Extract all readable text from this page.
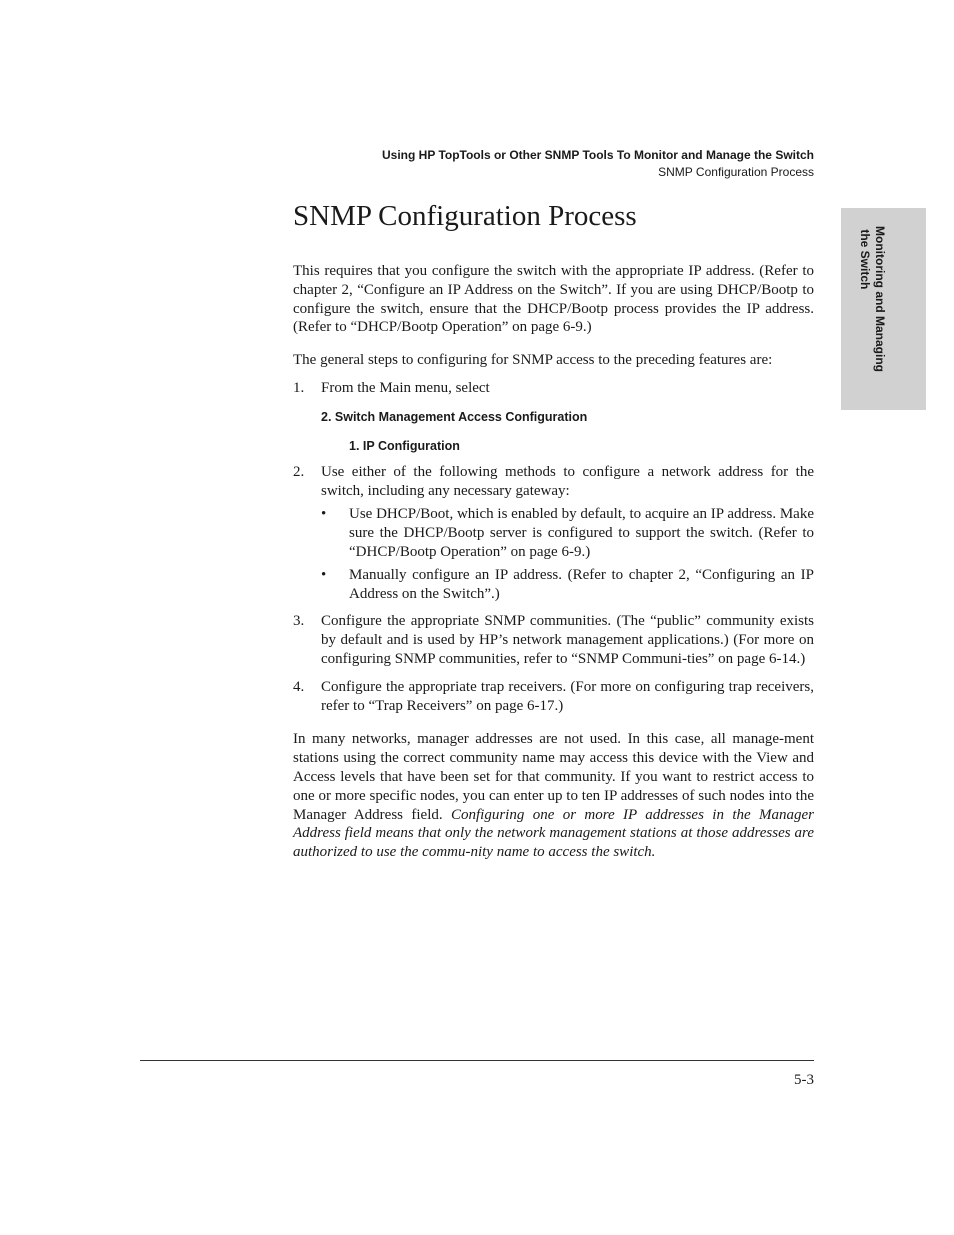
Using HP TopTools or Other SNMP Tools To Monitor and Manage the Switch
SNMP Configuration Process
Monitoring and Managing
the Switch
SNMP Configuration Process

This requires that you configure the switch with the appropriate IP address. (Refer to chapter 2, “Configure an IP Address on the Switch”. If you are using DHCP/Bootp to configure the switch, ensure that the DHCP/Bootp process provides the IP address. (Refer to “DHCP/Bootp Operation” on page 6-9.)

The general steps to configuring for SNMP access to the preceding features are:

1. From the Main menu, select

2. Switch Management Access Configuration

1. IP Configuration

2. Use either of the following methods to configure a network address for the switch, including any necessary gateway:

• Use DHCP/Boot, which is enabled by default, to acquire an IP address. Make sure the DHCP/Bootp server is configured to support the switch. (Refer to “DHCP/Bootp Operation” on page 6-9.)

• Manually configure an IP address. (Refer to chapter 2, “Configuring an IP Address on the Switch”.)

3. Configure the appropriate SNMP communities. (The “public” community exists by default and is used by HP’s network management applications.) (For more on configuring SNMP communities, refer to “SNMP Communi-ties” on page 6-14.)

4. Configure the appropriate trap receivers. (For more on configuring trap receivers, refer to “Trap Receivers” on page 6-17.)

In many networks, manager addresses are not used. In this case, all manage-ment stations using the correct community name may access this device with the View and Access levels that have been set for that community. If you want to restrict access to one or more specific nodes, you can enter up to ten IP addresses of such nodes into the Manager Address field. Configuring one or more IP addresses in the Manager Address field means that only the network management stations at those addresses are authorized to use the commu-nity name to access the switch.

5-3
